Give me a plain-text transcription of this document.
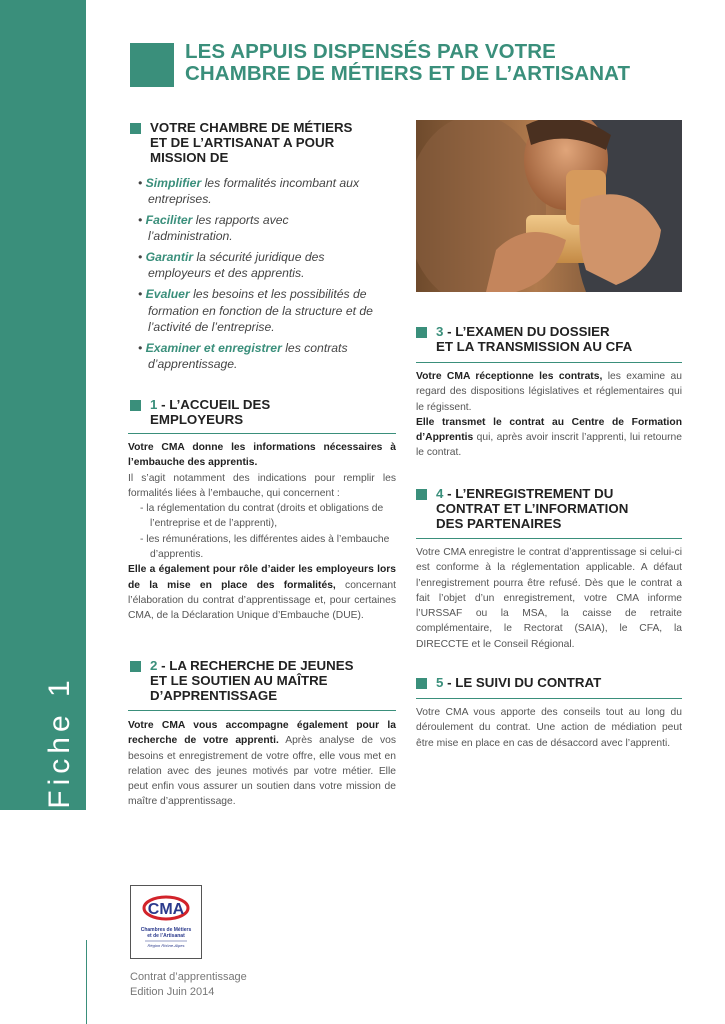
Fiche 1
LES APPUIS DISPENSÉS PAR VOTRE
CHAMBRE DE MÉTIERS ET DE L’ARTISANAT
VOTRE CHAMBRE DE MÉTIERS
ET DE L’ARTISANAT A POUR
MISSION DE
• Simplifier les formalités incombant aux entreprises.
• Faciliter les rapports avec l’administration.
• Garantir la sécurité juridique des employeurs et des apprentis.
• Evaluer les besoins et les possibilités de formation en fonction de la structure et de l’activité de l’entreprise.
• Examiner et enregistrer les contrats d’apprentissage.
1 - L’ACCUEIL DES
EMPLOYEURS
Votre CMA donne les informations nécessaires à l’embauche des apprentis.
Il s’agit notamment des indications pour remplir les formalités liées à l’embauche, qui concernent :
- la réglementation du contrat (droits et obligations de l’entreprise et de l’apprenti),
- les rémunérations, les différentes aides à l’embauche d’apprentis.
Elle a également pour rôle d’aider les employeurs lors de la mise en place des formalités, concernant l’élaboration du contrat d’apprentissage et, pour certaines CMA, de la Déclaration Unique d’Embauche (DUE).
2 - LA RECHERCHE DE JEUNES
ET LE SOUTIEN AU MAÎTRE
D’APPRENTISSAGE
Votre CMA vous accompagne également pour la recherche de votre apprenti. Après analyse de vos besoins et enregistrement de votre offre, elle vous met en relation avec des jeunes motivés par votre métier. Elle peut enfin vous assurer un soutien dans votre mission de maître d’apprentissage.
3 - L’EXAMEN DU DOSSIER
ET LA TRANSMISSION AU CFA
Votre CMA réceptionne les contrats, les examine au regard des dispositions législatives et réglementaires qui le régissent.
Elle transmet le contrat au Centre de Formation d’Apprentis qui, après avoir inscrit l’apprenti, lui retourne le contrat.
4 - L’ENREGISTREMENT DU
CONTRAT ET L’INFORMATION
DES PARTENAIRES
Votre CMA enregistre le contrat d’apprentissage si celui-ci est conforme à la réglementation applicable. A défaut l’enregistrement pourra être refusé. Dès que le contrat a fait l’objet d’un enregistrement, votre CMA informe l’URSSAF ou la MSA, la caisse de retraite complémentaire, le Rectorat (SAIA), le CFA, la DIRECCTE et le Conseil Régional.
5 - LE SUIVI DU CONTRAT
Votre CMA vous apporte des conseils tout au long du déroulement du contrat. Une action de médiation peut être mise en place en cas de désaccord avec l’apprenti.
CMA
Chambres de Métiers
et de l’Artisanat
Région Rhône-Alpes
Contrat d’apprentissage
Edition Juin 2014
